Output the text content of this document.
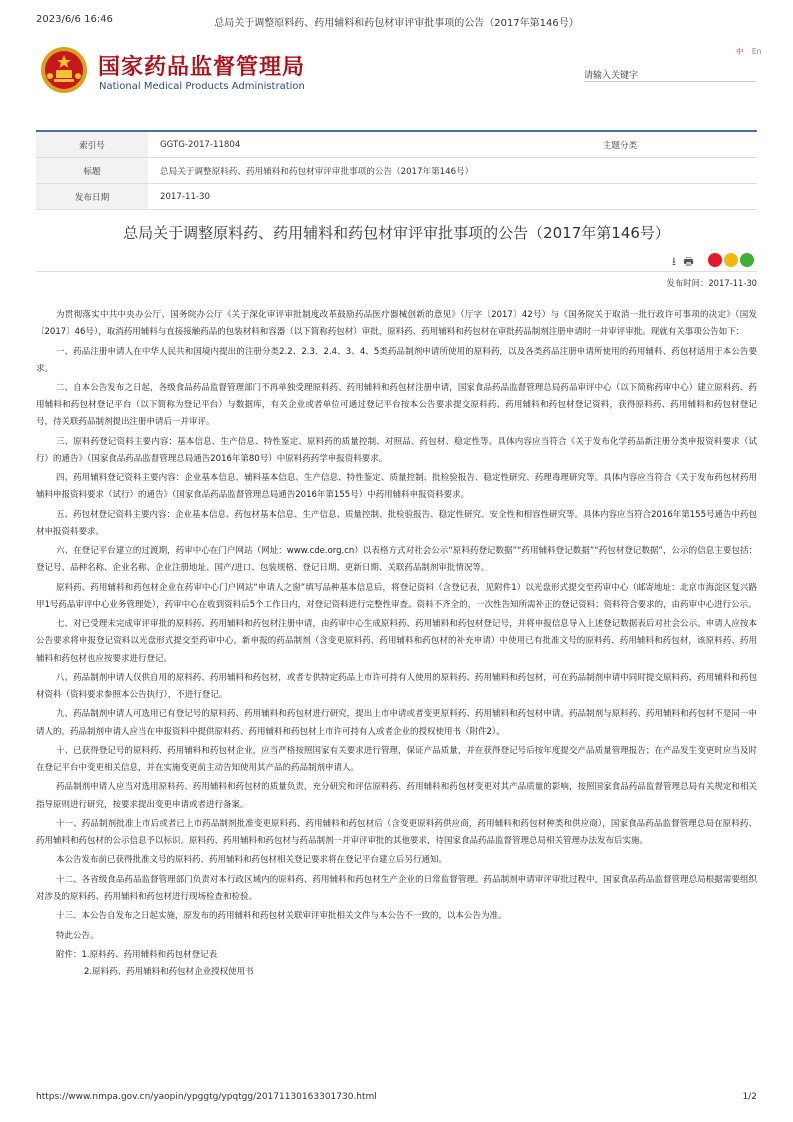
2023/6/6 16:46	总局关于调整原料药、药用辅料和药包材审评审批事项的公告（2017年第146号）
国家药品监督管理局
National Medical Products Administration
中 En
请输入关键字
索引号	GGTG-2017-11804	主题分类	
标题	总局关于调整原料药、药用辅料和药包材审评审批事项的公告（2017年第146号）		
发布日期	2017-11-30		
总局关于调整原料药、药用辅料和药包材审评审批事项的公告（2017年第146号）
⭳ 🖶
发布时间：2017-11-30

为贯彻落实中共中央办公厅、国务院办公厅《关于深化审评审批制度改革鼓励药品医疗器械创新的意见》（厅字〔2017〕42号）与《国务院关于取消一批行政许可事项的决定》（国发〔2017〕46号），取消药用辅料与直接接触药品的包装材料和容器（以下简称药包材）审批，原料药、药用辅料和药包材在审批药品制剂注册申请时一并审评审批。现就有关事项公告如下：

一、药品注册申请人在中华人民共和国境内提出的注册分类2.2、2.3、2.4、3、4、5类药品制剂申请所使用的原料药，以及各类药品注册申请所使用的药用辅料、药包材适用于本公告要求。

二、自本公告发布之日起，各级食品药品监督管理部门不再单独受理原料药、药用辅料和药包材注册申请，国家食品药品监督管理总局药品审评中心（以下简称药审中心）建立原料药、药用辅料和药包材登记平台（以下简称为登记平台）与数据库，有关企业或者单位可通过登记平台按本公告要求提交原料药、药用辅料和药包材登记资料，获得原料药、药用辅料和药包材登记号，待关联药品制剂提出注册申请后一并审评。

三、原料药登记资料主要内容：基本信息、生产信息、特性鉴定、原料药的质量控制、对照品、药包材、稳定性等。具体内容应当符合《关于发布化学药品新注册分类申报资料要求（试行）的通告》（国家食品药品监督管理总局通告2016年第80号）中原料药药学申报资料要求。

四、药用辅料登记资料主要内容：企业基本信息、辅料基本信息、生产信息、特性鉴定、质量控制、批检验报告、稳定性研究、药理毒理研究等。具体内容应当符合《关于发布药包材药用辅料申报资料要求（试行）的通告》（国家食品药品监督管理总局通告2016年第155号）中药用辅料申报资料要求。

五、药包材登记资料主要内容：企业基本信息、药包材基本信息、生产信息、质量控制、批检验报告、稳定性研究、安全性和相容性研究等。具体内容应当符合2016年第155号通告中药包材申报资料要求。

六、在登记平台建立的过渡期，药审中心在门户网站（网址：www.cde.org.cn）以表格方式对社会公示“原料药登记数据”“药用辅料登记数据”“药包材登记数据”，公示的信息主要包括：登记号、品种名称、企业名称、企业注册地址、国产/进口、包装规格、登记日期、更新日期、关联药品制剂审批情况等。

原料药、药用辅料和药包材企业在药审中心门户网站“申请人之窗”填写品种基本信息后，将登记资料（含登记表，见附件1）以光盘形式提交至药审中心（邮寄地址：北京市海淀区复兴路甲1号药品审评中心业务管理处），药审中心在收到资料后5个工作日内，对登记资料进行完整性审查。资料不齐全的，一次性告知所需补正的登记资料；资料符合要求的，由药审中心进行公示。

七、对已受理未完成审评审批的原料药、药用辅料和药包材注册申请，由药审中心生成原料药、药用辅料和药包材登记号，并将申报信息导入上述登记数据表后对社会公示。申请人应按本公告要求将申报登记资料以光盘形式提交至药审中心。新申报的药品制剂（含变更原料药、药用辅料和药包材的补充申请）中使用已有批准文号的原料药、药用辅料和药包材，该原料药、药用辅料和药包材也应按要求进行登记。

八、药品制剂申请人仅供自用的原料药、药用辅料和药包材，或者专供特定药品上市许可持有人使用的原料药、药用辅料和药包材，可在药品制剂申请中同时提交原料药、药用辅料和药包材资料（资料要求参照本公告执行），不进行登记。

九、药品制剂申请人可选用已有登记号的原料药、药用辅料和药包材进行研究，提出上市申请或者变更原料药、药用辅料和药包材申请。药品制剂与原料药、药用辅料和药包材不是同一申请人的，药品制剂申请人应当在申报资料中提供原料药、药用辅料和药包材上市许可持有人或者企业的授权使用书（附件2）。

十、已获得登记号的原料药、药用辅料和药包材企业，应当严格按照国家有关要求进行管理，保证产品质量，并在获得登记号后按年度提交产品质量管理报告；在产品发生变更时应当及时在登记平台中变更相关信息，并在实施变更前主动告知使用其产品的药品制剂申请人。

药品制剂申请人应当对选用原料药、药用辅料和药包材的质量负责，充分研究和评估原料药、药用辅料和药包材变更对其产品质量的影响，按照国家食品药品监督管理总局有关规定和相关指导原则进行研究，按要求提出变更申请或者进行备案。

十一、药品制剂批准上市后或者已上市药品制剂批准变更原料药、药用辅料和药包材后（含变更原料药供应商，药用辅料和药包材种类和供应商），国家食品药品监督管理总局在原料药、药用辅料和药包材的公示信息予以标识。原料药、药用辅料和药包材与药品制剂一并审评审批的其他要求，待国家食品药品监督管理总局相关管理办法发布后实施。

本公告发布前已获得批准文号的原料药、药用辅料和药包材相关登记要求将在登记平台建立后另行通知。

十二、各省级食品药品监督管理部门负责对本行政区域内的原料药、药用辅料和药包材生产企业的日常监督管理。药品制剂申请审评审批过程中，国家食品药品监督管理总局根据需要组织对涉及的原料药、药用辅料和药包材进行现场检查和检验。

十三、本公告自发布之日起实施，原发布的药用辅料和药包材关联审评审批相关文件与本公告不一致的，以本公告为准。

特此公告。

附件：1.原料药、药用辅料和药包材登记表

2.原料药、药用辅料和药包材企业授权使用书

https://www.nmpa.gov.cn/yaopin/ypggtg/ypqtgg/20171130163301730.html	1/2
